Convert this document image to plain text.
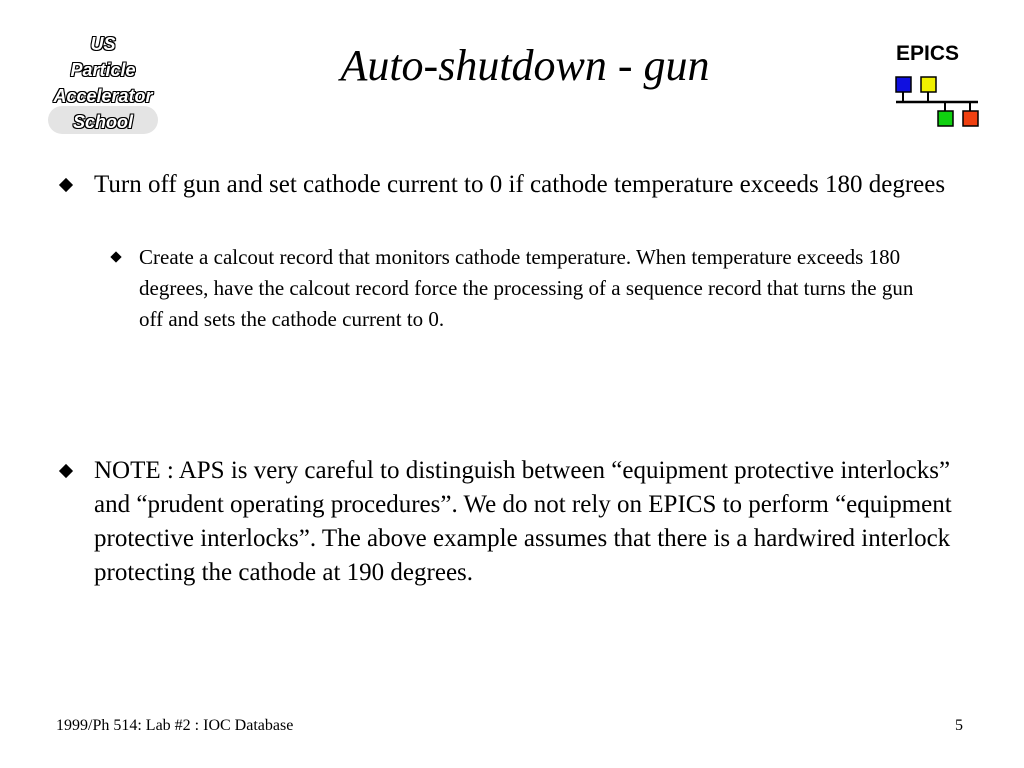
US
Particle
Accelerator
School
Auto-shutdown - gun	EPICS
Turn off gun and set cathode current to 0 if cathode temperature exceeds 180 degrees
Create a calcout record that monitors cathode temperature. When temperature exceeds 180 degrees, have the calcout record force the processing of a sequence record that turns the gun off and sets the cathode current to 0.
NOTE : APS is very careful to distinguish between “equipment protective interlocks” and “prudent operating procedures”. We do not rely on EPICS to perform “equipment protective interlocks”. The above example assumes that there is a hardwired interlock protecting the cathode at 190 degrees.
1999/Ph 514: Lab #2 : IOC Database	5
